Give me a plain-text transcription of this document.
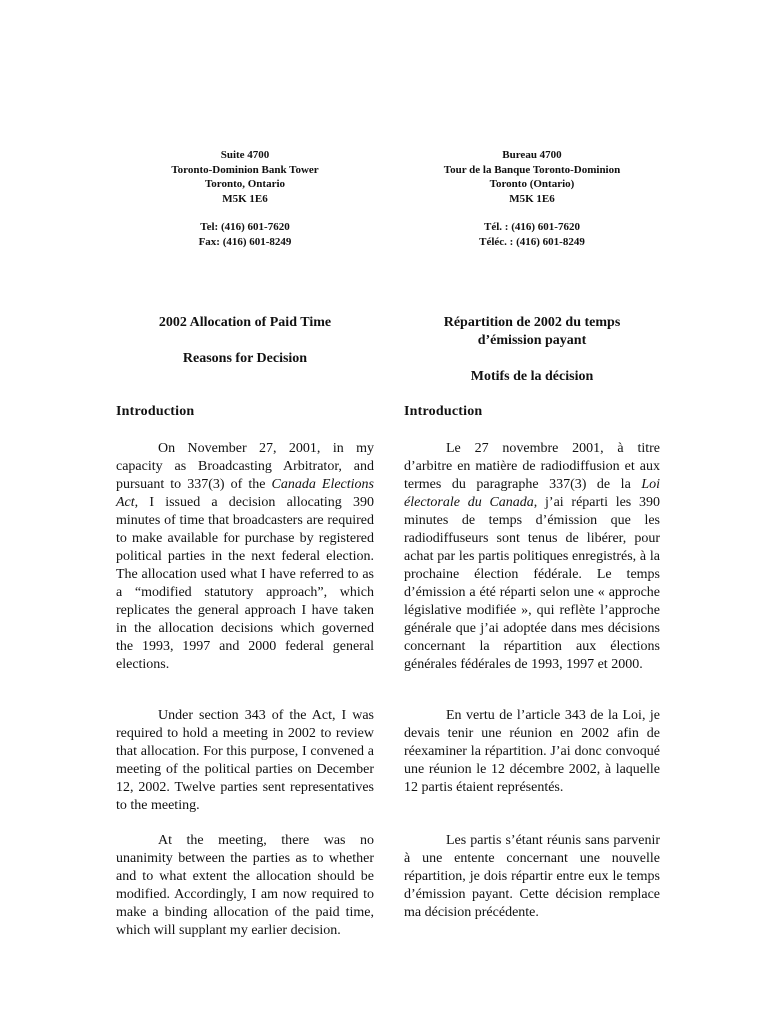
Suite 4700
Toronto-Dominion Bank Tower
Toronto, Ontario
M5K 1E6
Tel: (416) 601-7620
Fax: (416) 601-8249
2002 Allocation of Paid Time
Reasons for Decision
Introduction

On November 27, 2001, in my capacity as Broadcasting Arbitrator, and pursuant to 337(3) of the Canada Elections Act, I issued a decision allocating 390 minutes of time that broadcasters are required to make available for purchase by registered political parties in the next federal election. The allocation used what I have referred to as a “modified statutory approach”, which replicates the general approach I have taken in the allocation decisions which governed the 1993, 1997 and 2000 federal general elections.

Under section 343 of the Act, I was required to hold a meeting in 2002 to review that allocation. For this purpose, I convened a meeting of the political parties on December 12, 2002. Twelve parties sent representatives to the meeting.

At the meeting, there was no unanimity between the parties as to whether and to what extent the allocation should be modified. Accordingly, I am now required to make a binding allocation of the paid time, which will supplant my earlier decision.

Bureau 4700
Tour de la Banque Toronto-Dominion
Toronto (Ontario)
M5K 1E6
Tél. : (416) 601-7620
Téléc. : (416) 601-8249
Répartition de 2002 du temps
d’émission payant
Motifs de la décision
Introduction

Le 27 novembre 2001, à titre d’arbitre en matière de radiodiffusion et aux termes du paragraphe 337(3) de la Loi électorale du Canada, j’ai réparti les 390 minutes de temps d’émission que les radiodiffuseurs sont tenus de libérer, pour achat par les partis politiques enregistrés, à la prochaine élection fédérale. Le temps d’émission a été réparti selon une « approche législative modifiée », qui reflète l’approche générale que j’ai adoptée dans mes décisions concernant la répartition aux élections générales fédérales de 1993, 1997 et 2000.

En vertu de l’article 343 de la Loi, je devais tenir une réunion en 2002 afin de réexaminer la répartition. J’ai donc convoqué une réunion le 12 décembre 2002, à laquelle 12 partis étaient représentés.

Les partis s’étant réunis sans parvenir à une entente concernant une nouvelle répartition, je dois répartir entre eux le temps d’émission payant. Cette décision remplace ma décision précédente.
